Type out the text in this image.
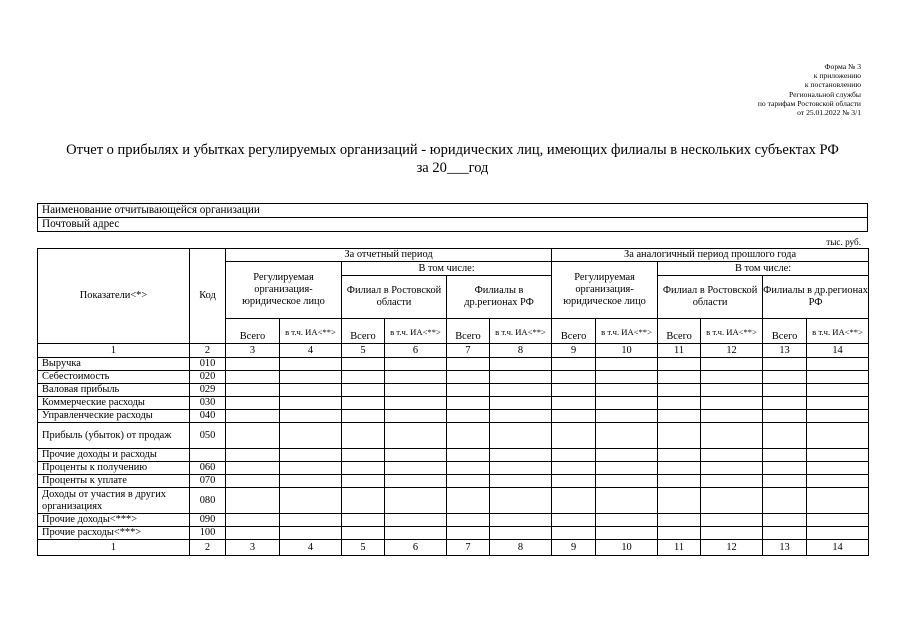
Форма № 3
к приложению
к постановлению
Региональной службы
по тарифам Ростовской области
от 25.01.2022 № 3/1
Отчет о прибылях и убытках регулируемых организаций - юридических лиц, имеющих филиалы в нескольких субъектах РФ
за 20___год
Наименование отчитывающейся организации
Почтовый адрес
тыс. руб.
Показатели<*>	Код	За отчетный период						За аналогичный период прошлого года					
		Регулируемая организация-юридическое лицо		В том числе:				Регулируемая организация-юридическое лицо		В том числе:			
				Филиал в Ростовской области		Филиалы в др.регионах РФ				Филиал в Ростовской области		Филиалы в др.регионах РФ	
		Всего	в т.ч. ИА<**>	Всего	в т.ч. ИА<**>	Всего	в т.ч. ИА<**>	Всего	в т.ч. ИА<**>	Всего	в т.ч. ИА<**>	Всего	в т.ч. ИА<**>
1	2	3	4	5	6	7	8	9	10	11	12	13	14
Выручка	010												
Себестоимость	020												
Валовая прибыль	029												
Коммерческие расходы	030												
Управленческие расходы	040												
Прибыль (убыток) от продаж	050												
Прочие доходы и расходы													
Проценты к получению	060												
Проценты к уплате	070												
Доходы от участия в других организациях	080												
Прочие доходы<***>	090												
Прочие расходы<***>	100												
1	2	3	4	5	6	7	8	9	10	11	12	13	14
